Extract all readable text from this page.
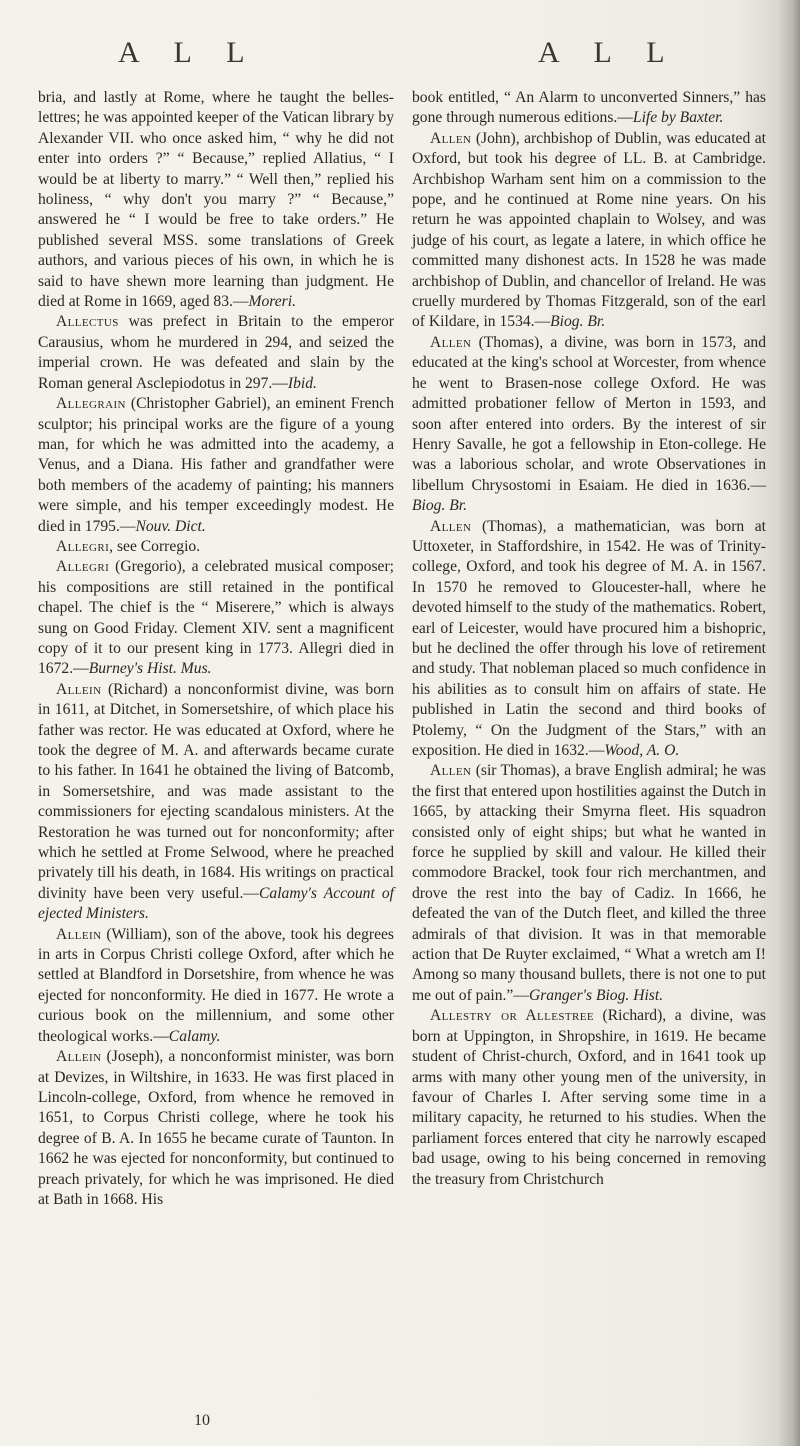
A L L	A L L

bria, and lastly at Rome, where he taught the belles-lettres; he was appointed keeper of the Vatican library by Alexander VII. who once asked him, “ why he did not enter into orders ?” “ Because,” replied Allatius, “ I would be at liberty to marry.” “ Well then,” replied his holiness, “ why don't you marry ?” “ Because,” answered he “ I would be free to take orders.” He published several MSS. some translations of Greek authors, and various pieces of his own, in which he is said to have shewn more learning than judgment. He died at Rome in 1669, aged 83.—Moreri.

Allectus was prefect in Britain to the emperor Carausius, whom he murdered in 294, and seized the imperial crown. He was defeated and slain by the Roman general Asclepiodotus in 297.—Ibid.

Allegrain (Christopher Gabriel), an eminent French sculptor; his principal works are the figure of a young man, for which he was admitted into the academy, a Venus, and a Diana. His father and grandfather were both members of the academy of painting; his manners were simple, and his temper exceedingly modest. He died in 1795.—Nouv. Dict.

Allegri, see Corregio.

Allegri (Gregorio), a celebrated musical composer; his compositions are still retained in the pontifical chapel. The chief is the “ Miserere,” which is always sung on Good Friday. Clement XIV. sent a magnificent copy of it to our present king in 1773. Allegri died in 1672.—Burney's Hist. Mus.

Allein (Richard) a nonconformist divine, was born in 1611, at Ditchet, in Somersetshire, of which place his father was rector. He was educated at Oxford, where he took the degree of M. A. and afterwards became curate to his father. In 1641 he obtained the living of Batcomb, in Somersetshire, and was made assistant to the commissioners for ejecting scandalous ministers. At the Restoration he was turned out for nonconformity; after which he settled at Frome Selwood, where he preached privately till his death, in 1684. His writings on practical divinity have been very useful.—Calamy's Account of ejected Ministers.

Allein (William), son of the above, took his degrees in arts in Corpus Christi college Oxford, after which he settled at Blandford in Dorsetshire, from whence he was ejected for nonconformity. He died in 1677. He wrote a curious book on the millennium, and some other theological works.—Calamy.

Allein (Joseph), a nonconformist minister, was born at Devizes, in Wiltshire, in 1633. He was first placed in Lincoln-college, Oxford, from whence he removed in 1651, to Corpus Christi college, where he took his degree of B. A. In 1655 he became curate of Taunton. In 1662 he was ejected for nonconformity, but continued to preach privately, for which he was imprisoned. He died at Bath in 1668. His

book entitled, “ An Alarm to unconverted Sinners,” has gone through numerous editions.—Life by Baxter.

Allen (John), archbishop of Dublin, was educated at Oxford, but took his degree of LL. B. at Cambridge. Archbishop Warham sent him on a commission to the pope, and he continued at Rome nine years. On his return he was appointed chaplain to Wolsey, and was judge of his court, as legate a latere, in which office he committed many dishonest acts. In 1528 he was made archbishop of Dublin, and chancellor of Ireland. He was cruelly murdered by Thomas Fitzgerald, son of the earl of Kildare, in 1534.—Biog. Br.

Allen (Thomas), a divine, was born in 1573, and educated at the king's school at Worcester, from whence he went to Brasen-nose college Oxford. He was admitted probationer fellow of Merton in 1593, and soon after entered into orders. By the interest of sir Henry Savalle, he got a fellowship in Eton-college. He was a laborious scholar, and wrote Observationes in libellum Chrysostomi in Esaiam. He died in 1636.—Biog. Br.

Allen (Thomas), a mathematician, was born at Uttoxeter, in Staffordshire, in 1542. He was of Trinity-college, Oxford, and took his degree of M. A. in 1567. In 1570 he removed to Gloucester-hall, where he devoted himself to the study of the mathematics. Robert, earl of Leicester, would have procured him a bishopric, but he declined the offer through his love of retirement and study. That nobleman placed so much confidence in his abilities as to consult him on affairs of state. He published in Latin the second and third books of Ptolemy, “ On the Judgment of the Stars,” with an exposition. He died in 1632.—Wood, A. O.

Allen (sir Thomas), a brave English admiral; he was the first that entered upon hostilities against the Dutch in 1665, by attacking their Smyrna fleet. His squadron consisted only of eight ships; but what he wanted in force he supplied by skill and valour. He killed their commodore Brackel, took four rich merchantmen, and drove the rest into the bay of Cadiz. In 1666, he defeated the van of the Dutch fleet, and killed the three admirals of that division. It was in that memorable action that De Ruyter exclaimed, “ What a wretch am I! Among so many thousand bullets, there is not one to put me out of pain.”—Granger's Biog. Hist.

Allestry or Allestree (Richard), a divine, was born at Uppington, in Shropshire, in 1619. He became student of Christ-church, Oxford, and in 1641 took up arms with many other young men of the university, in favour of Charles I. After serving some time in a military capacity, he returned to his studies. When the parliament forces entered that city he narrowly escaped bad usage, owing to his being concerned in removing the treasury from Christchurch

10
